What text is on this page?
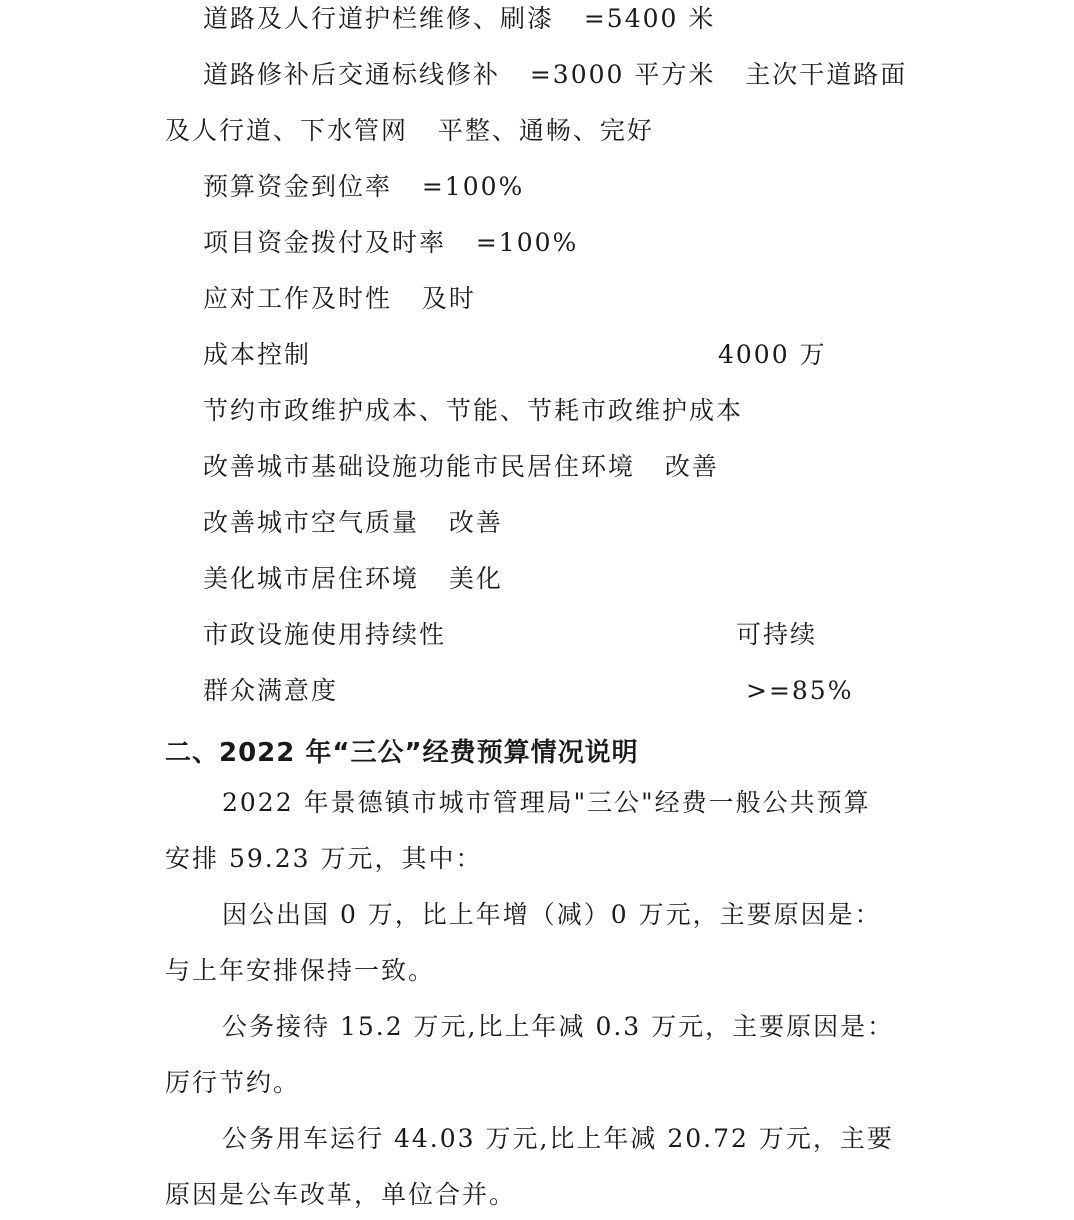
道路及人行道护栏维修、刷漆   =5400 米
道路修补后交通标线修补   =3000 平方米   主次干道路面
及人行道、下水管网   平整、通畅、完好
预算资金到位率   =100%
项目资金拨付及时率   =100%
应对工作及时性   及时
成本控制	4000 万
节约市政维护成本、节能、节耗市政维护成本
改善城市基础设施功能市民居住环境   改善
改善城市空气质量   改善
美化城市居住环境   美化
市政设施使用持续性	可持续
群众满意度	>=85%
二、2022 年“三公”经费预算情况说明
2022 年景德镇市城市管理局"三公"经费一般公共预算
安排 59.23 万元，其中：
因公出国 0 万，比上年增（减）0 万元，主要原因是：
与上年安排保持一致。
公务接待 15.2 万元,比上年减 0.3 万元，主要原因是：
厉行节约。
公务用车运行 44.03 万元,比上年减 20.72 万元，主要
原因是公车改革，单位合并。
